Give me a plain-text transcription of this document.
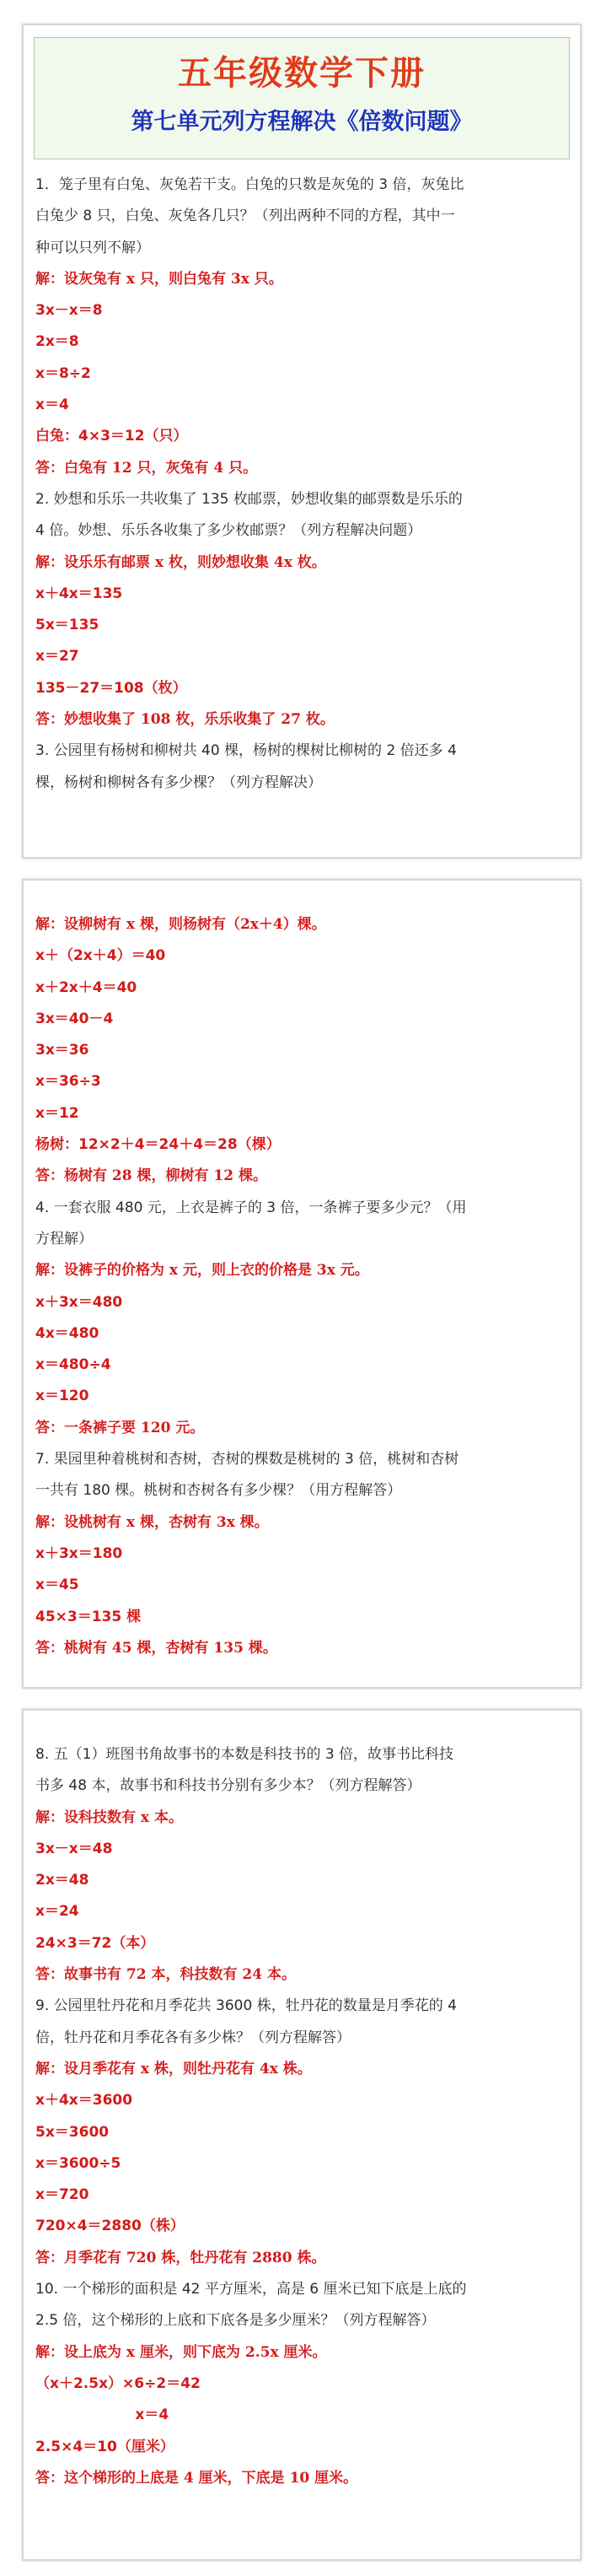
五年级数学下册
第七单元列方程解决《倍数问题》
1．笼子里有白兔、灰兔若干支。白兔的只数是灰兔的 3 倍，灰兔比
白兔少 8 只，白兔、灰兔各几只？（列出两种不同的方程，其中一
种可以只列不解）
解：设灰兔有 x 只，则白兔有 3x 只。
3x－x＝8
2x＝8
x＝8÷2
x＝4
白兔：4×3＝12（只）
答：白兔有 12 只，灰兔有 4 只。
2. 妙想和乐乐一共收集了 135 枚邮票，妙想收集的邮票数是乐乐的
4 倍。妙想、乐乐各收集了多少枚邮票？（列方程解决问题）
解：设乐乐有邮票 x 枚，则妙想收集 4x 枚。
x＋4x＝135
5x＝135
x＝27
135－27＝108（枚）
答：妙想收集了 108 枚，乐乐收集了 27 枚。
3. 公园里有杨树和柳树共 40 棵，杨树的棵树比柳树的 2 倍还多 4
棵，杨树和柳树各有多少棵？（列方程解决）
解：设柳树有 x 棵，则杨树有（2x＋4）棵。
x＋（2x＋4）＝40
x＋2x＋4＝40
3x＝40－4
3x＝36
x＝36÷3
x＝12
杨树：12×2＋4＝24＋4＝28（棵）
答：杨树有 28 棵，柳树有 12 棵。
4. 一套衣服 480 元，上衣是裤子的 3 倍，一条裤子要多少元？（用
方程解）
解：设裤子的价格为 x 元，则上衣的价格是 3x 元。
x＋3x＝480
4x＝480
x＝480÷4
x＝120
答：一条裤子要 120 元。
7. 果园里种着桃树和杏树，杏树的棵数是桃树的 3 倍，桃树和杏树
一共有 180 棵。桃树和杏树各有多少棵？（用方程解答）
解：设桃树有 x 棵，杏树有 3x 棵。
x＋3x＝180
x＝45
45×3＝135 棵
答：桃树有 45 棵，杏树有 135 棵。
8. 五（1）班图书角故事书的本数是科技书的 3 倍，故事书比科技
书多 48 本，故事书和科技书分别有多少本？（列方程解答）
解：设科技数有 x 本。
3x－x＝48
2x＝48
x＝24
24×3＝72（本）
答：故事书有 72 本，科技数有 24 本。
9. 公园里牡丹花和月季花共 3600 株，牡丹花的数量是月季花的 4
倍，牡丹花和月季花各有多少株？（列方程解答）
解：设月季花有 x 株，则牡丹花有 4x 株。
x＋4x＝3600
5x＝3600
x＝3600÷5
x＝720
720×4＝2880（株）
答：月季花有 720 株，牡丹花有 2880 株。
10. 一个梯形的面积是 42 平方厘米，高是 6 厘米已知下底是上底的
2.5 倍，这个梯形的上底和下底各是多少厘米？（列方程解答）
解：设上底为 x 厘米，则下底为 2.5x 厘米。
（x＋2.5x）×6÷2＝42
x＝4
2.5×4＝10（厘米）
答：这个梯形的上底是 4 厘米，下底是 10 厘米。
